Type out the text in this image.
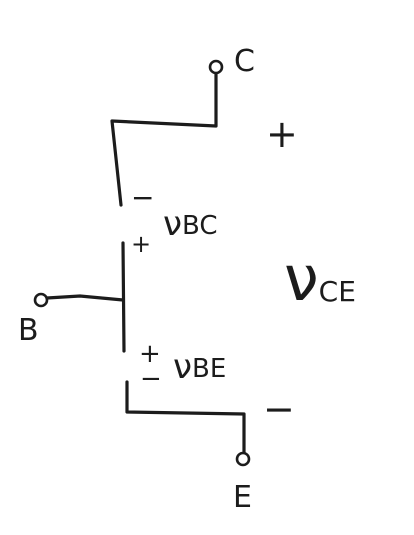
C
B
E
−
+ νBC
+
− νBE
+
−
νCE
